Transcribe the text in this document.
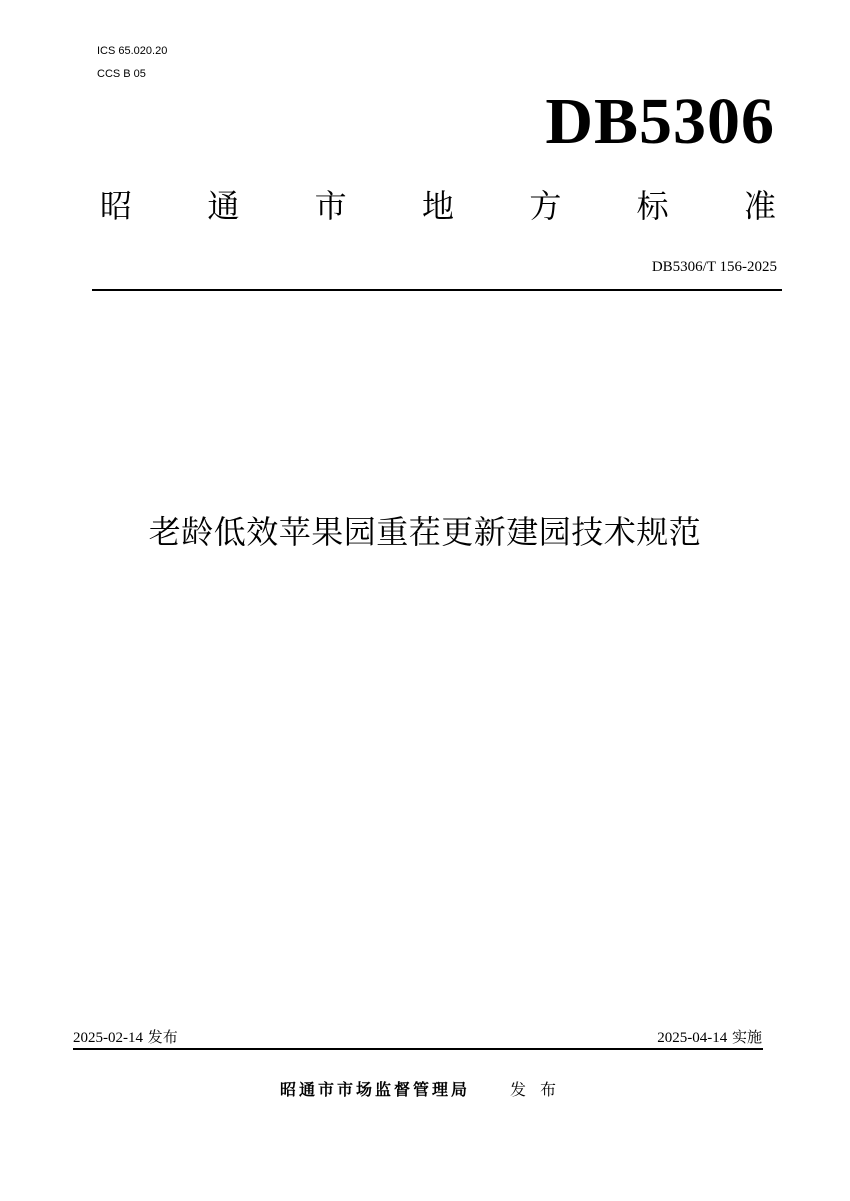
ICS 65.020.20
CCS B 05
DB5306
昭 通 市 地 方 标 准
DB5306/T 156-2025
老龄低效苹果园重茬更新建园技术规范
2025-02-14 发布	2025-04-14 实施
昭通市市场监督管理局	发布
